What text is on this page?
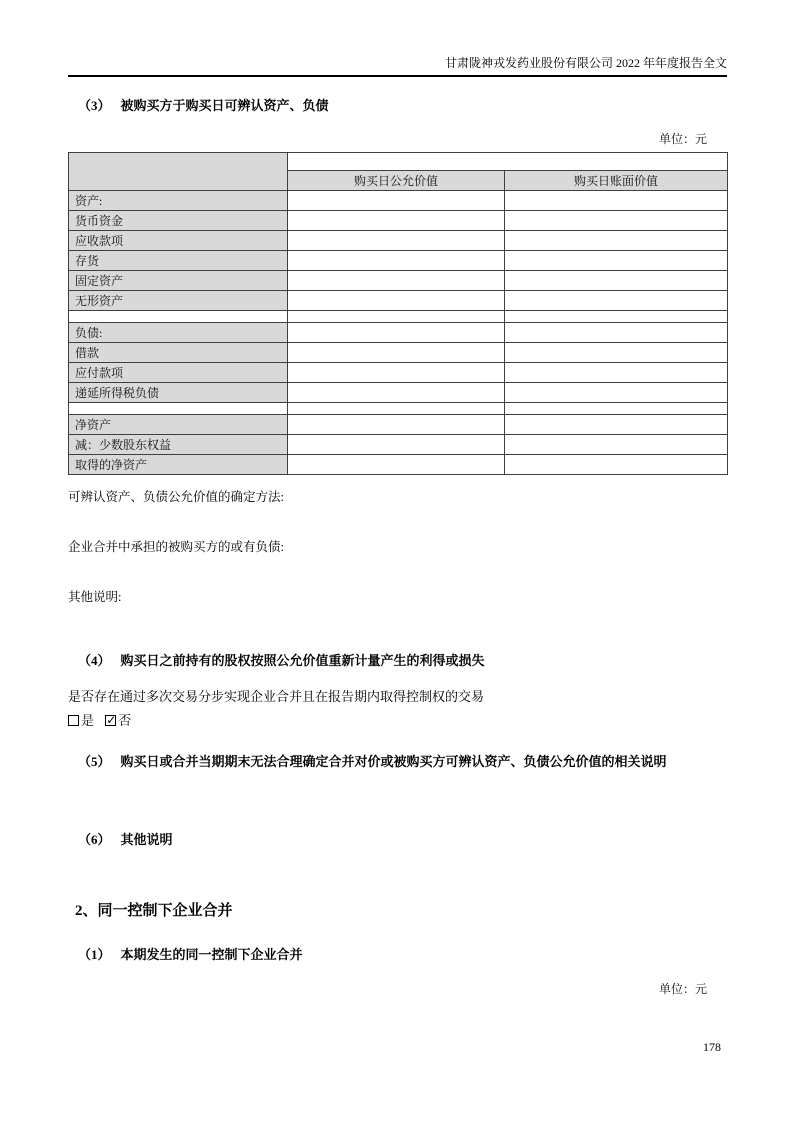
甘肃陇神戎发药业股份有限公司 2022 年年度报告全文
（3） 被购买方于购买日可辨认资产、负债
单位：元

	购买日公允价值	购买日账面价值
资产:		
货币资金		
应收款项		
存货		
固定资产		
无形资产		

负债:		
借款		
应付款项		
递延所得税负债		

净资产		
减：少数股东权益		
取得的净资产		

可辨认资产、负债公允价值的确定方法:

企业合并中承担的被购买方的或有负债:

其他说明:

（4） 购买日之前持有的股权按照公允价值重新计量产生的利得或损失

是否存在通过多次交易分步实现企业合并且在报告期内取得控制权的交易

是 ✓ 否
（5） 购买日或合并当期期末无法合理确定合并对价或被购买方可辨认资产、负债公允价值的相关说明
（6） 其他说明
2、同一控制下企业合并
（1） 本期发生的同一控制下企业合并
单位：元
178
